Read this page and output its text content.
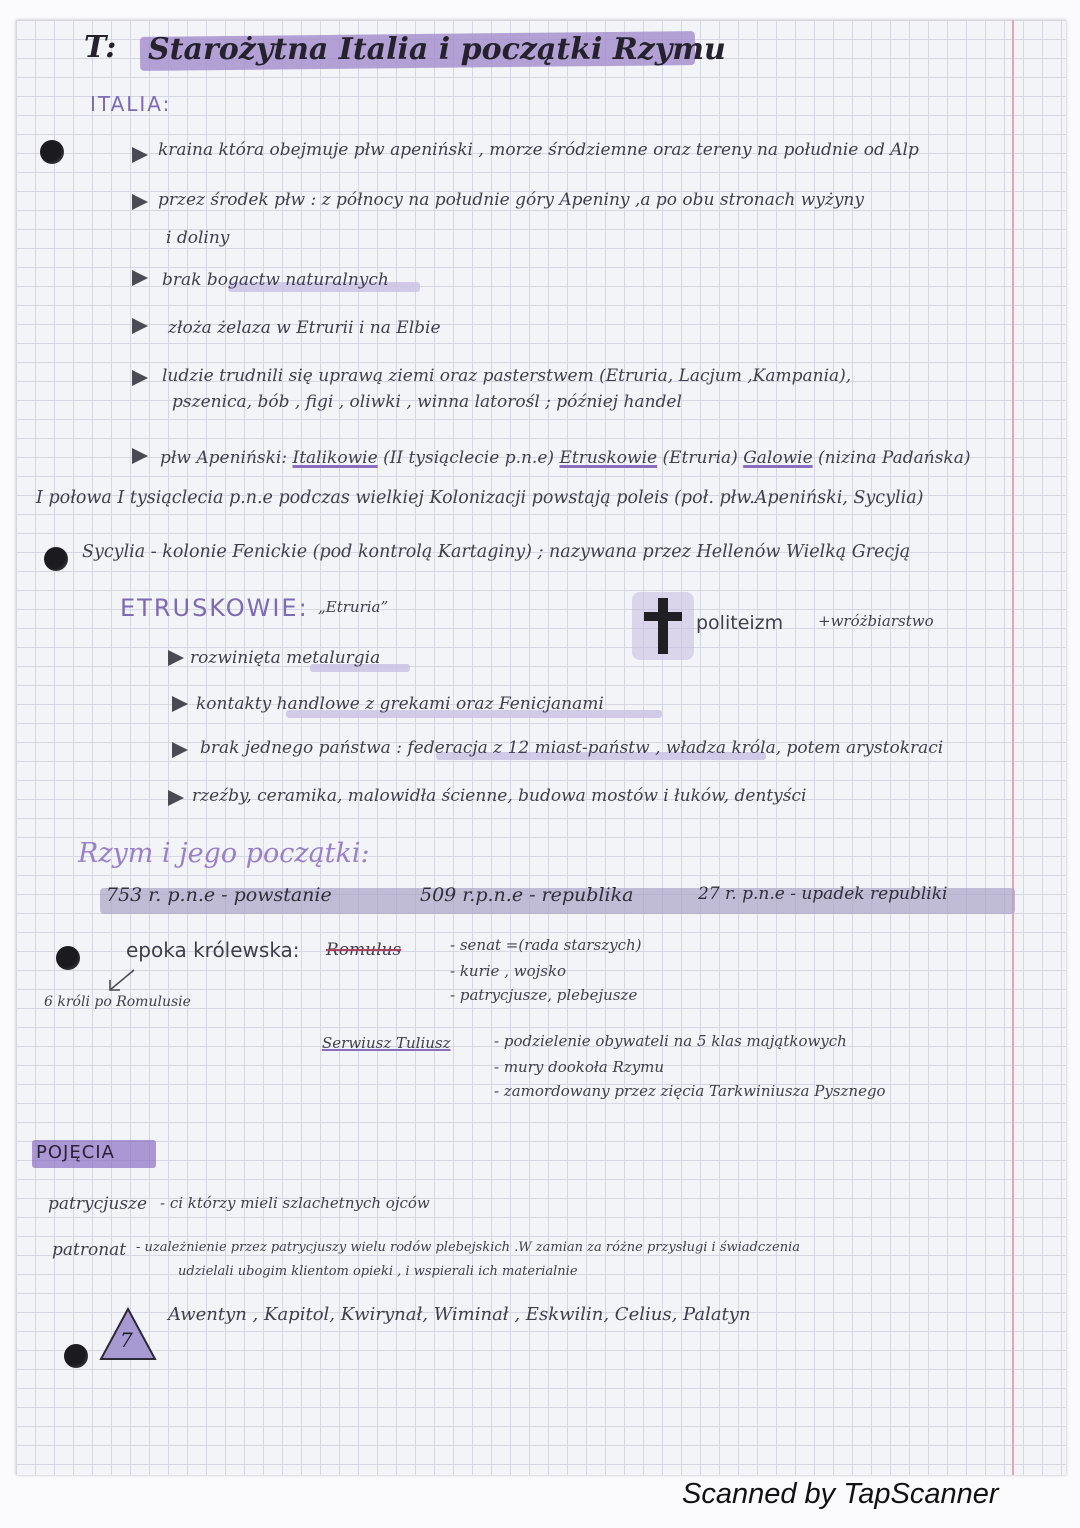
T: Starożytna Italia i początki Rzymu
ITALIA:
kraina która obejmuje płw apeniński , morze śródziemne oraz tereny na południe od Alp
przez środek płw : z północy na południe góry Apeniny ,a po obu stronach wyżyny
i doliny
brak bogactw naturalnych
złoża żelaza w Etrurii i na Elbie
ludzie trudnili się uprawą ziemi oraz pasterstwem (Etruria, Lacjum ,Kampania),
pszenica, bób , figi , oliwki , winna latorośl ; później handel
płw Apeniński: Italikowie (II tysiąclecie p.n.e) Etruskowie (Etruria) Galowie (nizina Padańska)
I połowa I tysiąclecia p.n.e podczas wielkiej Kolonizacji powstają poleis (poł. płw.Apeniński, Sycylia)
Sycylia - kolonie Fenickie (pod kontrolą Kartaginy) ; nazywana przez Hellenów Wielką Grecją
ETRUSKOWIE: „Etruria”
politeizm +wróżbiarstwo
rozwinięta metalurgia
kontakty handlowe z grekami oraz Fenicjanami
brak jednego państwa : federacja z 12 miast-państw , władza króla, potem arystokraci
rzeźby, ceramika, malowidła ścienne, budowa mostów i łuków, dentyści
Rzym i jego początki:
753 r. p.n.e - powstanie	509 r.p.n.e - republika	27 r. p.n.e - upadek republiki
epoka królewska: Romulus	- senat =(rada starszych)
- kurie , wojsko
- patrycjusze, plebejusze
6 króli po Romulusie
Serwiusz Tuliusz	- podzielenie obywateli na 5 klas majątkowych
- mury dookoła Rzymu
- zamordowany przez zięcia Tarkwiniusza Pysznego
POJĘCIA
patrycjusze - ci którzy mieli szlachetnych ojców
patronat - uzależnienie przez patrycjuszy wielu rodów plebejskich .W zamian za różne przysługi i świadczenia
udzielali ubogim klientom opieki , i wspierali ich materialnie
7
Awentyn , Kapitol, Kwirynał, Wiminał , Eskwilin, Celius, Palatyn
Scanned by TapScanner
